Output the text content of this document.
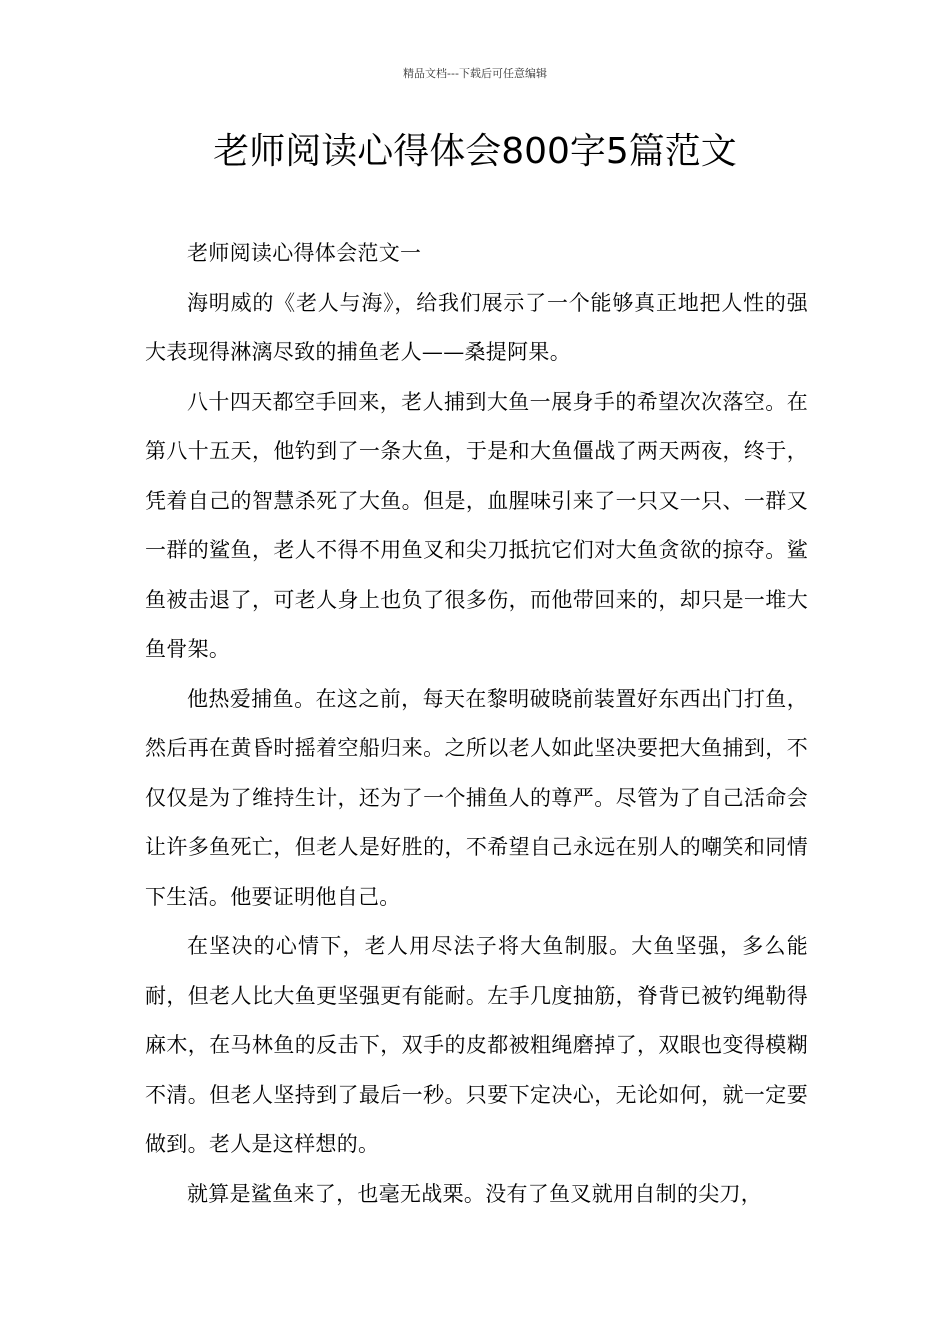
精品文档---下载后可任意编辑
老师阅读心得体会800字5篇范文

老师阅读心得体会范文一

海明威的《老人与海》，给我们展示了一个能够真正地把人性的强大表现得淋漓尽致的捕鱼老人——桑提阿果。

八十四天都空手回来，老人捕到大鱼一展身手的希望次次落空。在第八十五天，他钓到了一条大鱼，于是和大鱼僵战了两天两夜，终于，凭着自己的智慧杀死了大鱼。但是，血腥味引来了一只又一只、一群又一群的鲨鱼，老人不得不用鱼叉和尖刀抵抗它们对大鱼贪欲的掠夺。鲨鱼被击退了，可老人身上也负了很多伤，而他带回来的，却只是一堆大鱼骨架。

他热爱捕鱼。在这之前，每天在黎明破晓前装置好东西出门打鱼，然后再在黄昏时摇着空船归来。之所以老人如此坚决要把大鱼捕到，不仅仅是为了维持生计，还为了一个捕鱼人的尊严。尽管为了自己活命会让许多鱼死亡，但老人是好胜的，不希望自己永远在别人的嘲笑和同情下生活。他要证明他自己。

在坚决的心情下，老人用尽法子将大鱼制服。大鱼坚强，多么能耐，但老人比大鱼更坚强更有能耐。左手几度抽筋，脊背已被钓绳勒得麻木，在马林鱼的反击下，双手的皮都被粗绳磨掉了，双眼也变得模糊不清。但老人坚持到了最后一秒。只要下定决心，无论如何，就一定要做到。老人是这样想的。

就算是鲨鱼来了，也毫无战栗。没有了鱼叉就用自制的尖刀，
